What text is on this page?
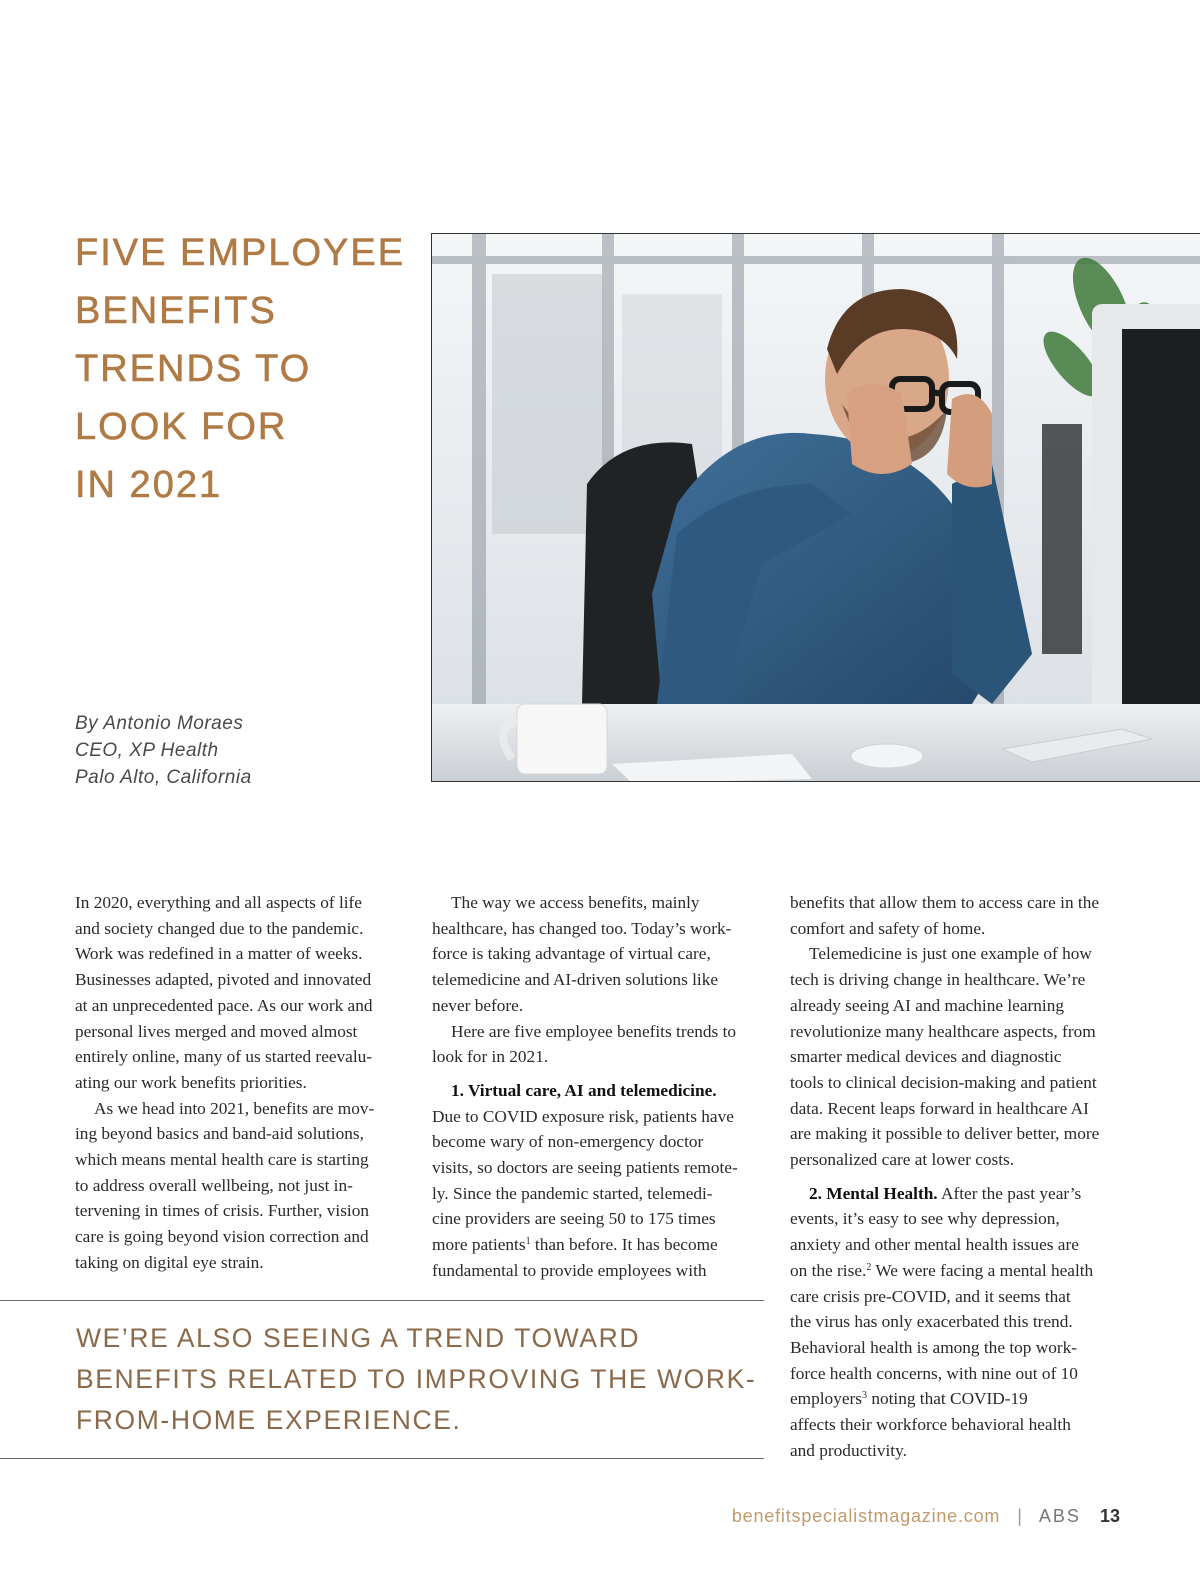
FIVE EMPLOYEE
BENEFITS
TRENDS TO
LOOK FOR
IN 2021
By Antonio Moraes
CEO, XP Health
Palo Alto, California

In 2020, everything and all aspects of life
and society changed due to the pandemic.
Work was redefined in a matter of weeks.
Businesses adapted, pivoted and innovated
at an unprecedented pace. As our work and
personal lives merged and moved almost
entirely online, many of us started reevalu-
ating our work benefits priorities.

As we head into 2021, benefits are mov-
ing beyond basics and band-aid solutions,
which means mental health care is starting
to address overall wellbeing, not just in-
tervening in times of crisis. Further, vision
care is going beyond vision correction and
taking on digital eye strain.

The way we access benefits, mainly
healthcare, has changed too. Today’s work-
force is taking advantage of virtual care,
telemedicine and AI-driven solutions like
never before.

Here are five employee benefits trends to
look for in 2021.

1. Virtual care, AI and telemedicine.
Due to COVID exposure risk, patients have
become wary of non-emergency doctor
visits, so doctors are seeing patients remote-
ly. Since the pandemic started, telemedi-
cine providers are seeing 50 to 175 times
more patients$^1$ than before. It has become
fundamental to provide employees with

benefits that allow them to access care in the
comfort and safety of home.

Telemedicine is just one example of how
tech is driving change in healthcare. We’re
already seeing AI and machine learning
revolutionize many healthcare aspects, from
smarter medical devices and diagnostic
tools to clinical decision-making and patient
data. Recent leaps forward in healthcare AI
are making it possible to deliver better, more
personalized care at lower costs.

2. Mental Health. After the past year’s
events, it’s easy to see why depression,
anxiety and other mental health issues are
on the rise.$^2$ We were facing a mental health
care crisis pre-COVID, and it seems that
the virus has only exacerbated this trend.
Behavioral health is among the top work-
force health concerns, with nine out of 10
employers$^3$ noting that COVID-19
affects their workforce behavioral health
and productivity.

WE’RE ALSO SEEING A TREND TOWARD
BENEFITS RELATED TO IMPROVING THE WORK-
FROM-HOME EXPERIENCE.
benefitspecialistmagazine.com | ABS 13
